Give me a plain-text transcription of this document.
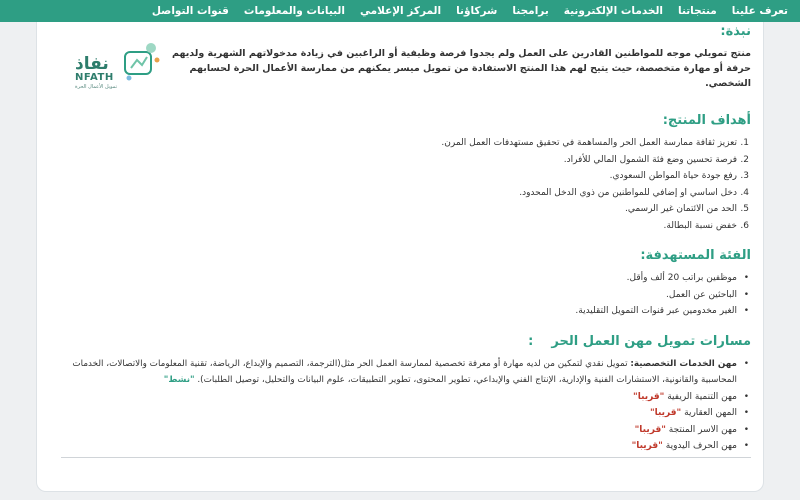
تعرف علينا
منتجاتنا
الخدمات الإلكترونية
برامجنا
شركاؤنا
المركز الإعلامي
البيانات والمعلومات
قنوات التواصل
نفاذ
NFATH
تمويل الأعمال الحرة
نبذة:

منتج تمويلي موجه للمواطنين القادرين على العمل ولم يجدوا فرصة وظيفية أو الراغبين في زيادة مدخولاتهم الشهرية ولديهم حرفة أو مهارة متخصصة، حيث يتيح لهم هذا المنتج الاستفادة من تمويل ميسر يمكنهم من ممارسة الأعمال الحرة لحسابهم الشخصي.

أهداف المنتج:
1.
تعزيز ثقافة ممارسة العمل الحر والمساهمة في تحقيق مستهدفات العمل المرن.
2.
فرصة تحسين وضع فئة الشمول المالي للأفراد.
3.
رفع جودة حياة المواطن السعودي.
4.
دخل اساسي او إضافي للمواطنين من ذوي الدخل المحدود.
5.
الحد من الائتمان غير الرسمي.
6.
خفض نسبة البطالة.
الفئة المستهدفة:
•
موظفين براتب 20 ألف وأقل.
•
الباحثين عن العمل.
•
الغير مخدومين عبر قنوات التمويل التقليدية.
مسارات تمويل مهن العمل الحر:
•
مهن الخدمات التخصصية: تمويل نقدي لتمكين من لديه مهارة أو معرفة تخصصية لممارسة العمل الحر مثل(الترجمة، التصميم والإبداع، الرياضة، تقنية المعلومات والاتصالات، الخدمات المحاسبية والقانونية، الاستشارات الفنية والإدارية، الإنتاج الفني والإبداعي، تطوير المحتوى، تطوير التطبيقات، علوم البيانات والتحليل، توصيل الطلبات). "نشط"
•
مهن التنمية الريفية "قريبا"
•
المهن العقارية "قريبا"
•
مهن الاسر المنتجة "قريبا"
•
مهن الحرف اليدوية "قريبا"
